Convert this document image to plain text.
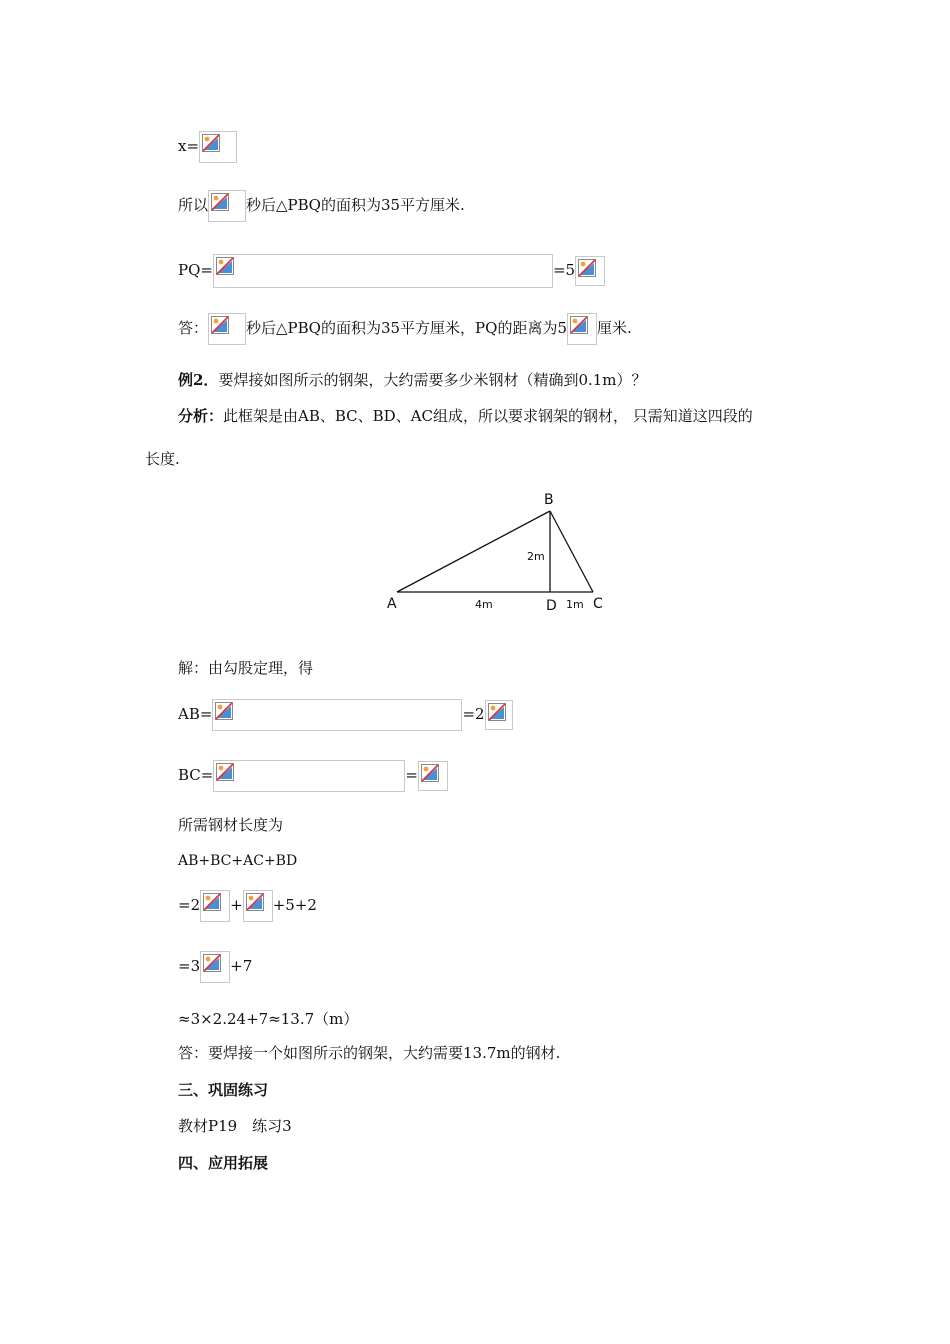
x=
所以	秒后△PBQ的面积为35平方厘米.
PQ=	=5
答：	秒后△PBQ的面积为35平方厘米，PQ的距离为5 厘米.
例2．要焊接如图所示的钢架，大约需要多少米钢材（精确到0.1m）？
分析：此框架是由AB、BC、BD、AC组成，所以要求钢架的钢材， 只需知道这四段的
长度.
B
A	D	C
2m
4m	1m
解：由勾股定理，得
AB=	=2
BC=	=
所需钢材长度为
AB+BC+AC+BD
=2 + +5+2
=3 +7
≈3×2.24+7≈13.7（m）
答：要焊接一个如图所示的钢架，大约需要13.7m的钢材.
三、巩固练习
教材P19　练习3
四、应用拓展
